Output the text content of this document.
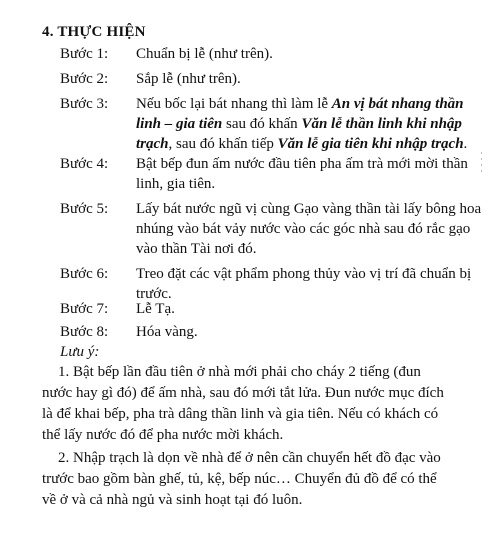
4. THỰC HIỆN
Bước 1: Chuẩn bị lễ (như trên).
Bước 2: Sắp lễ (như trên).
Bước 3: Nếu bốc lại bát nhang thì làm lễ An vị bát nhang thần
linh – gia tiên sau đó khấn Văn lễ thần linh khi nhập
trạch, sau đó khấn tiếp Văn lễ gia tiên khi nhập trạch.
Bước 4: Bật bếp đun ấm nước đầu tiên pha ấm trà mới mời thần
linh, gia tiên.
Bước 5: Lấy bát nước ngũ vị cùng Gạo vàng thần tài lấy bông hoa
nhúng vào bát vảy nước vào các góc nhà sau đó rắc gạo
vào thần Tài nơi đó.
Bước 6: Treo đặt các vật phẩm phong thủy vào vị trí đã chuẩn bị
trước.
Bước 7: Lễ Tạ.
Bước 8: Hóa vàng.
Lưu ý:
1. Bật bếp lần đầu tiên ở nhà mới phải cho cháy 2 tiếng (đun
nước hay gì đó) để ấm nhà, sau đó mới tắt lửa. Đun nước mục đích
là để khai bếp, pha trà dâng thần linh và gia tiên. Nếu có khách có
thể lấy nước đó để pha nước mời khách.
2. Nhập trạch là dọn về nhà để ở nên cần chuyển hết đồ đạc vào
trước bao gồm bàn ghế, tủ, kệ, bếp núc… Chuyển đủ đồ để có thể
về ở và cả nhà ngủ và sinh hoạt tại đó luôn.
